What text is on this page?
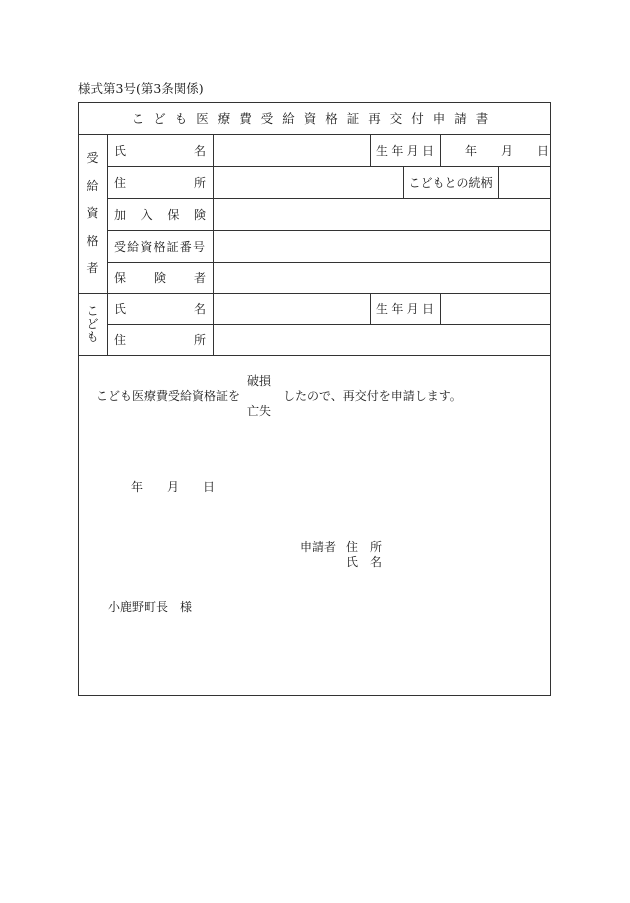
様式第3号(第3条関係)
こども医療費受給資格証再交付申請書
受
給
資
格
者
氏	名	生 年 月 日	年 月 日
住	所	こどもとの続柄
加 入 保 険
受 給 資 格 証 番 号
保 険 者
こ
ど
も
氏	名	生 年 月 日
住	所
こども医療費受給資格証を
破損
亡失
したので、再交付を申請します。
年 月 日
申請者 住　所
氏　名
小鹿野町長　様
